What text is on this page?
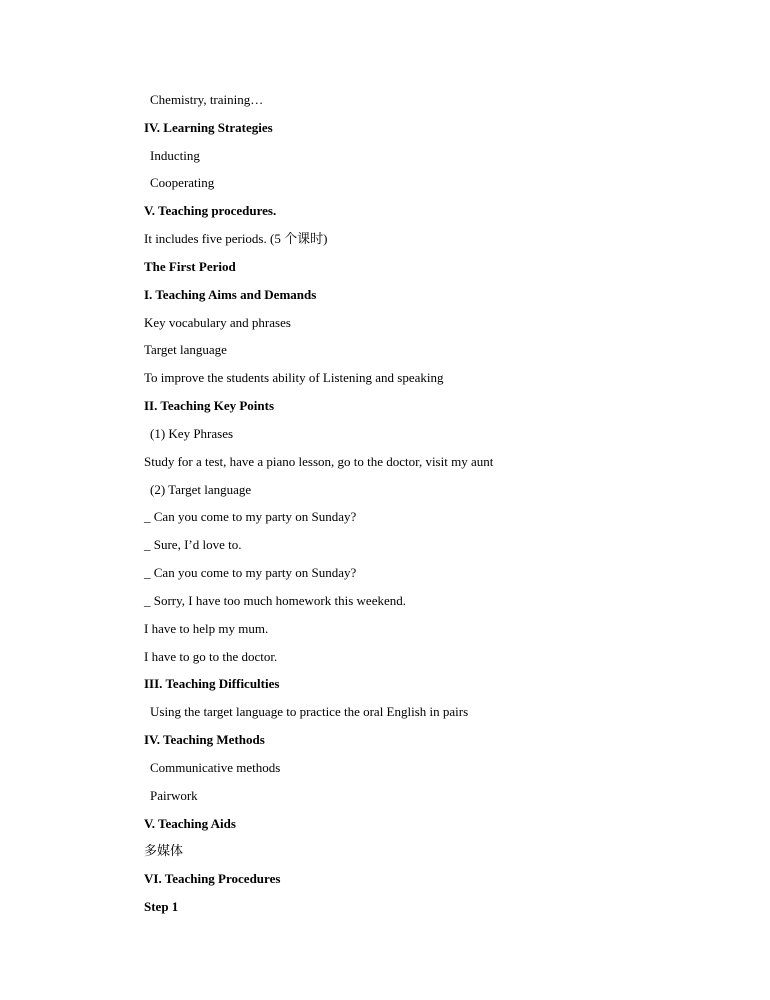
Chemistry, training…
IV. Learning Strategies
Inducting
Cooperating
V. Teaching procedures.
It includes five periods. (5 个课时)
The First Period
I. Teaching Aims and Demands
Key vocabulary and phrases
Target language
To improve the students ability of Listening and speaking
II. Teaching Key Points
(1) Key Phrases
Study for a test, have a piano lesson, go to the doctor, visit my aunt
(2) Target language
_ Can you come to my party on Sunday?
_ Sure, I’d love to.
_ Can you come to my party on Sunday?
_ Sorry, I have too much homework this weekend.
I have to help my mum.
I have to go to the doctor.
III. Teaching Difficulties
Using the target language to practice the oral English in pairs
IV. Teaching Methods
Communicative methods
Pairwork
V. Teaching Aids
多媒体
VI. Teaching Procedures
Step 1
